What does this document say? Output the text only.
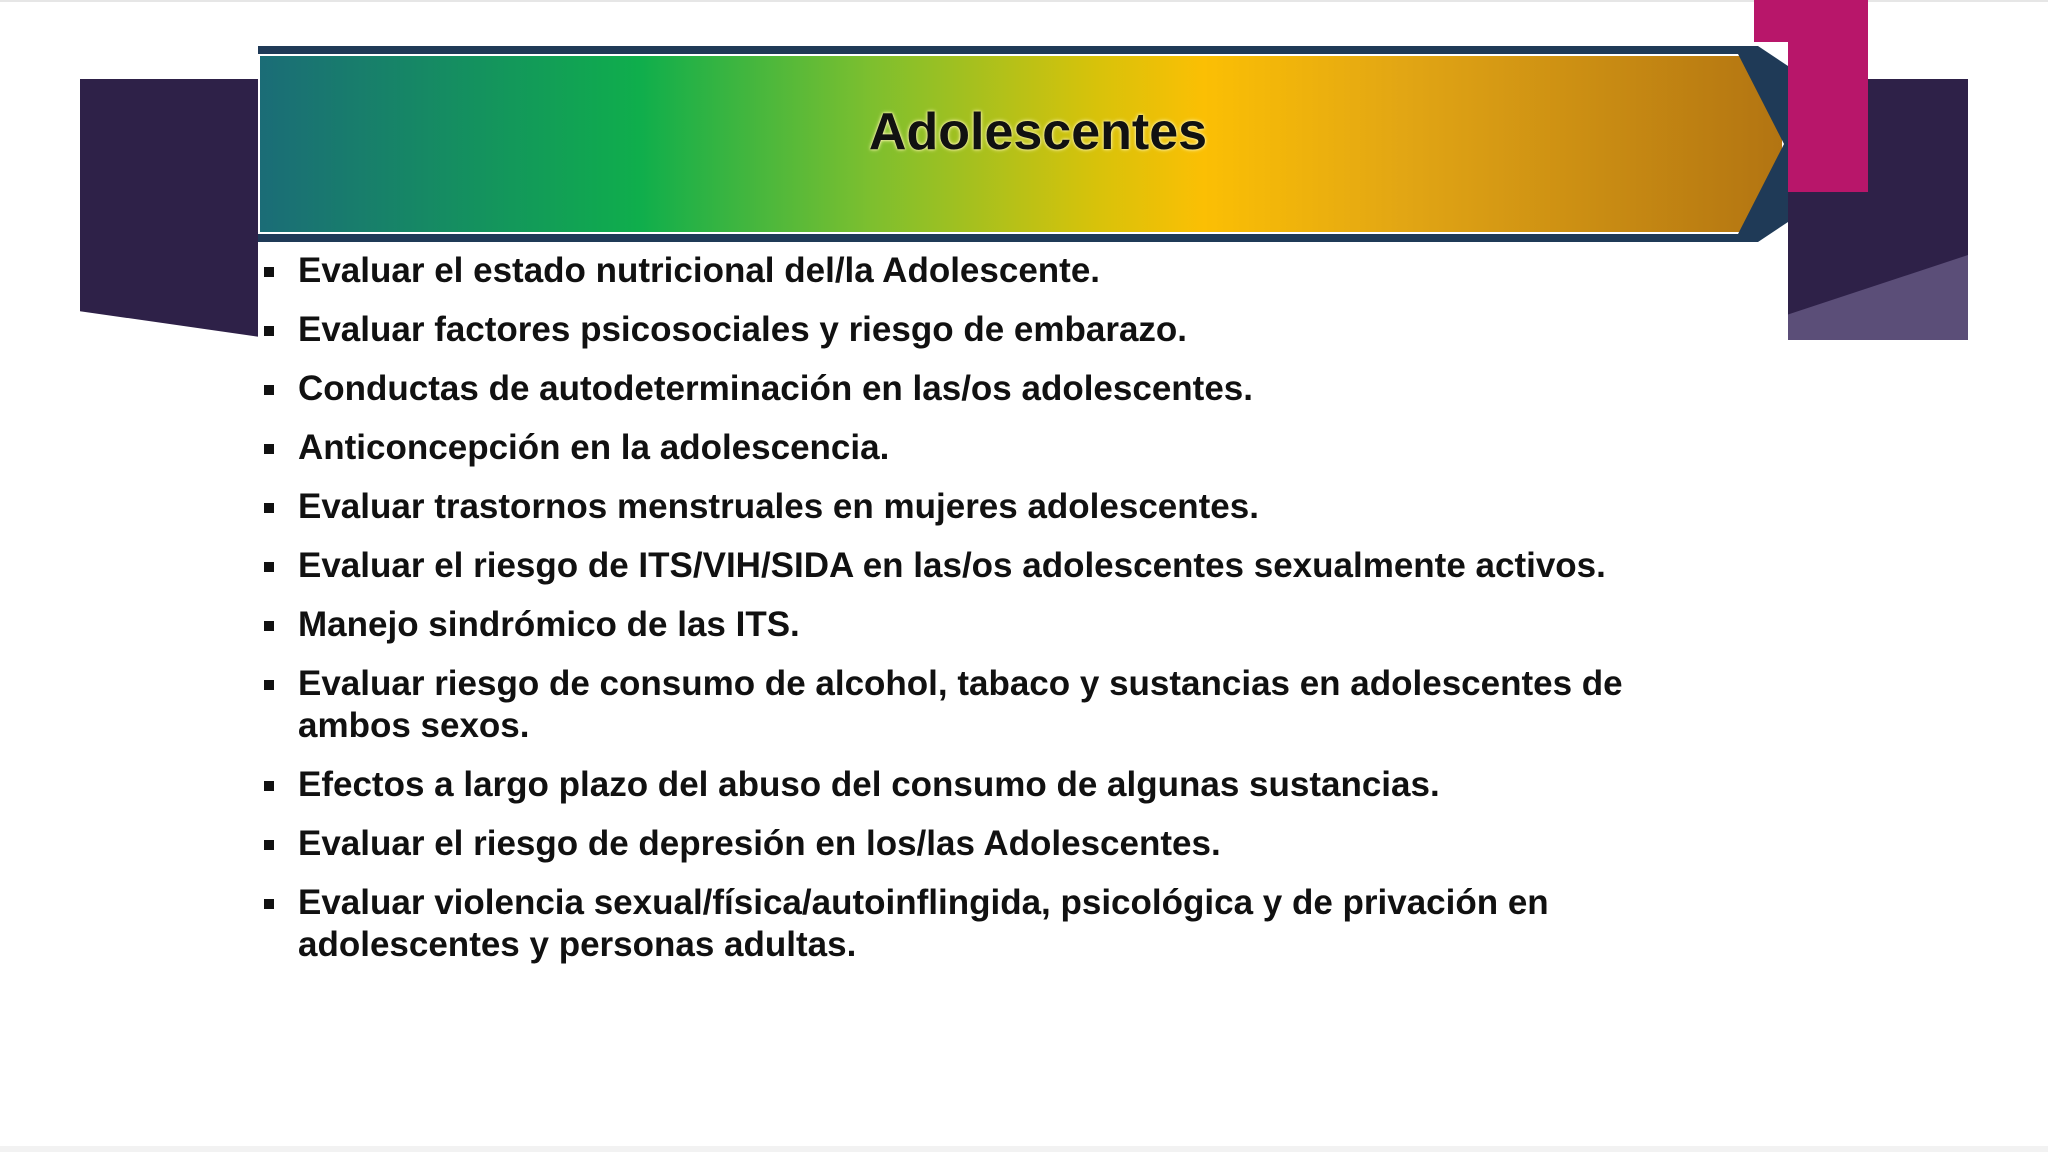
Adolescentes
Evaluar el estado nutricional del/la Adolescente.
Evaluar factores psicosociales y riesgo de embarazo.
Conductas de autodeterminación en las/os adolescentes.
Anticoncepción en la adolescencia.
Evaluar trastornos menstruales en mujeres adolescentes.
Evaluar el riesgo de ITS/VIH/SIDA en las/os adolescentes sexualmente activos.
Manejo sindrómico de las ITS.
Evaluar riesgo de consumo de alcohol, tabaco y sustancias en adolescentes de ambos sexos.
Efectos a largo plazo del abuso del consumo de algunas sustancias.
Evaluar el riesgo de depresión en los/las Adolescentes.
Evaluar violencia sexual/física/autoinflingida, psicológica y de privación en adolescentes y personas adultas.
